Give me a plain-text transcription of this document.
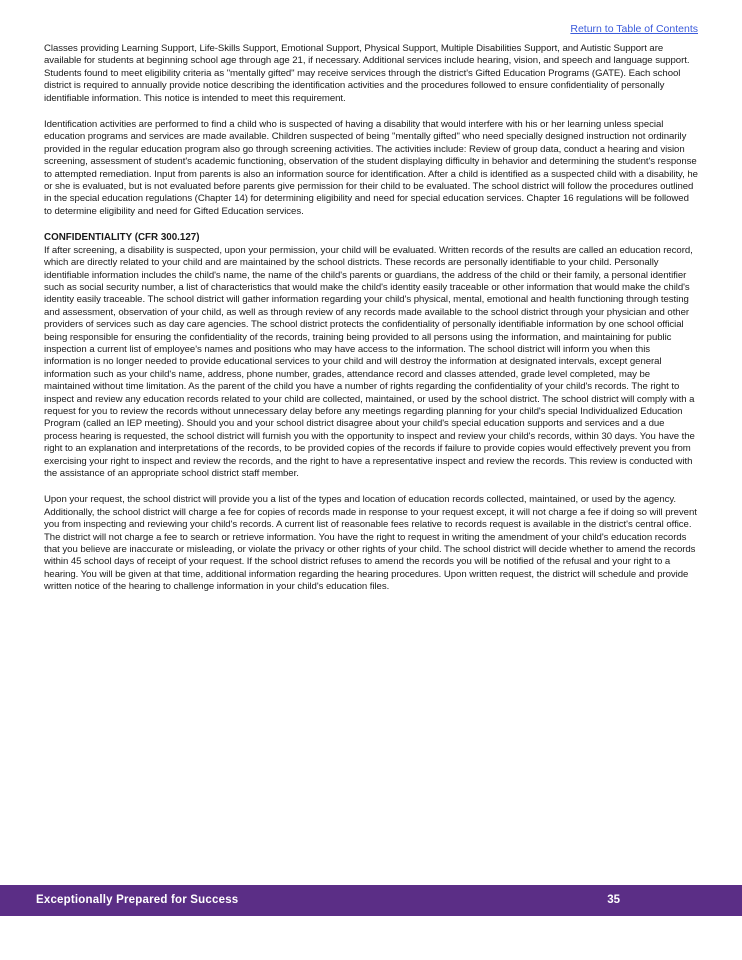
Return to Table of Contents

Classes providing Learning Support, Life-Skills Support, Emotional Support, Physical Support, Multiple Disabilities Support, and Autistic Support are available for students at beginning school age through age 21, if necessary. Additional services include hearing, vision, and speech and language support. Students found to meet eligibility criteria as "mentally gifted" may receive services through the district's Gifted Education Programs (GATE). Each school district is required to annually provide notice describing the identification activities and the procedures followed to ensure confidentiality of personally identifiable information. This notice is intended to meet this requirement.

Identification activities are performed to find a child who is suspected of having a disability that would interfere with his or her learning unless special education programs and services are made available. Children suspected of being "mentally gifted" who need specially designed instruction not ordinarily provided in the regular education program also go through screening activities. The activities include: Review of group data, conduct a hearing and vision screening, assessment of student's academic functioning, observation of the student displaying difficulty in behavior and determining the student's response to attempted remediation. Input from parents is also an information source for identification. After a child is identified as a suspected child with a disability, he or she is evaluated, but is not evaluated before parents give permission for their child to be evaluated. The school district will follow the procedures outlined in the special education regulations (Chapter 14) for determining eligibility and need for special education services. Chapter 16 regulations will be followed to determine eligibility and need for Gifted Education services.

CONFIDENTIALITY (CFR 300.127)

If after screening, a disability is suspected, upon your permission, your child will be evaluated. Written records of the results are called an education record, which are directly related to your child and are maintained by the school districts. These records are personally identifiable to your child. Personally identifiable information includes the child's name, the name of the child's parents or guardians, the address of the child or their family, a personal identifier such as social security number, a list of characteristics that would make the child's identity easily traceable or other information that would make the child's identity easily traceable. The school district will gather information regarding your child's physical, mental, emotional and health functioning through testing and assessment, observation of your child, as well as through review of any records made available to the school district through your physician and other providers of services such as day care agencies. The school district protects the confidentiality of personally identifiable information by one school official being responsible for ensuring the confidentiality of the records, training being provided to all persons using the information, and maintaining for public inspection a current list of employee's names and positions who may have access to the information. The school district will inform you when this information is no longer needed to provide educational services to your child and will destroy the information at designated intervals, except general information such as your child's name, address, phone number, grades, attendance record and classes attended, grade level completed, may be maintained without time limitation. As the parent of the child you have a number of rights regarding the confidentiality of your child's records. The right to inspect and review any education records related to your child are collected, maintained, or used by the school district. The school district will comply with a request for you to review the records without unnecessary delay before any meetings regarding planning for your child's special Individualized Education Program (called an IEP meeting). Should you and your school district disagree about your child's special education supports and services and a due process hearing is requested, the school district will furnish you with the opportunity to inspect and review your child's records, within 30 days. You have the right to an explanation and interpretations of the records, to be provided copies of the records if failure to provide copies would effectively prevent you from exercising your right to inspect and review the records, and the right to have a representative inspect and review the records. This review is conducted with the assistance of an appropriate school district staff member.

Upon your request, the school district will provide you a list of the types and location of education records collected, maintained, or used by the agency. Additionally, the school district will charge a fee for copies of records made in response to your request except, it will not charge a fee if doing so will prevent you from inspecting and reviewing your child's records. A current list of reasonable fees relative to records request is available in the district's central office. The district will not charge a fee to search or retrieve information. You have the right to request in writing the amendment of your child's education records that you believe are inaccurate or misleading, or violate the privacy or other rights of your child. The school district will decide whether to amend the records within 45 school days of receipt of your request. If the school district refuses to amend the records you will be notified of the refusal and your right to a hearing. You will be given at that time, additional information regarding the hearing procedures. Upon written request, the district will schedule and provide written notice of the hearing to challenge information in your child's education files.

Exceptionally Prepared for Success	35
